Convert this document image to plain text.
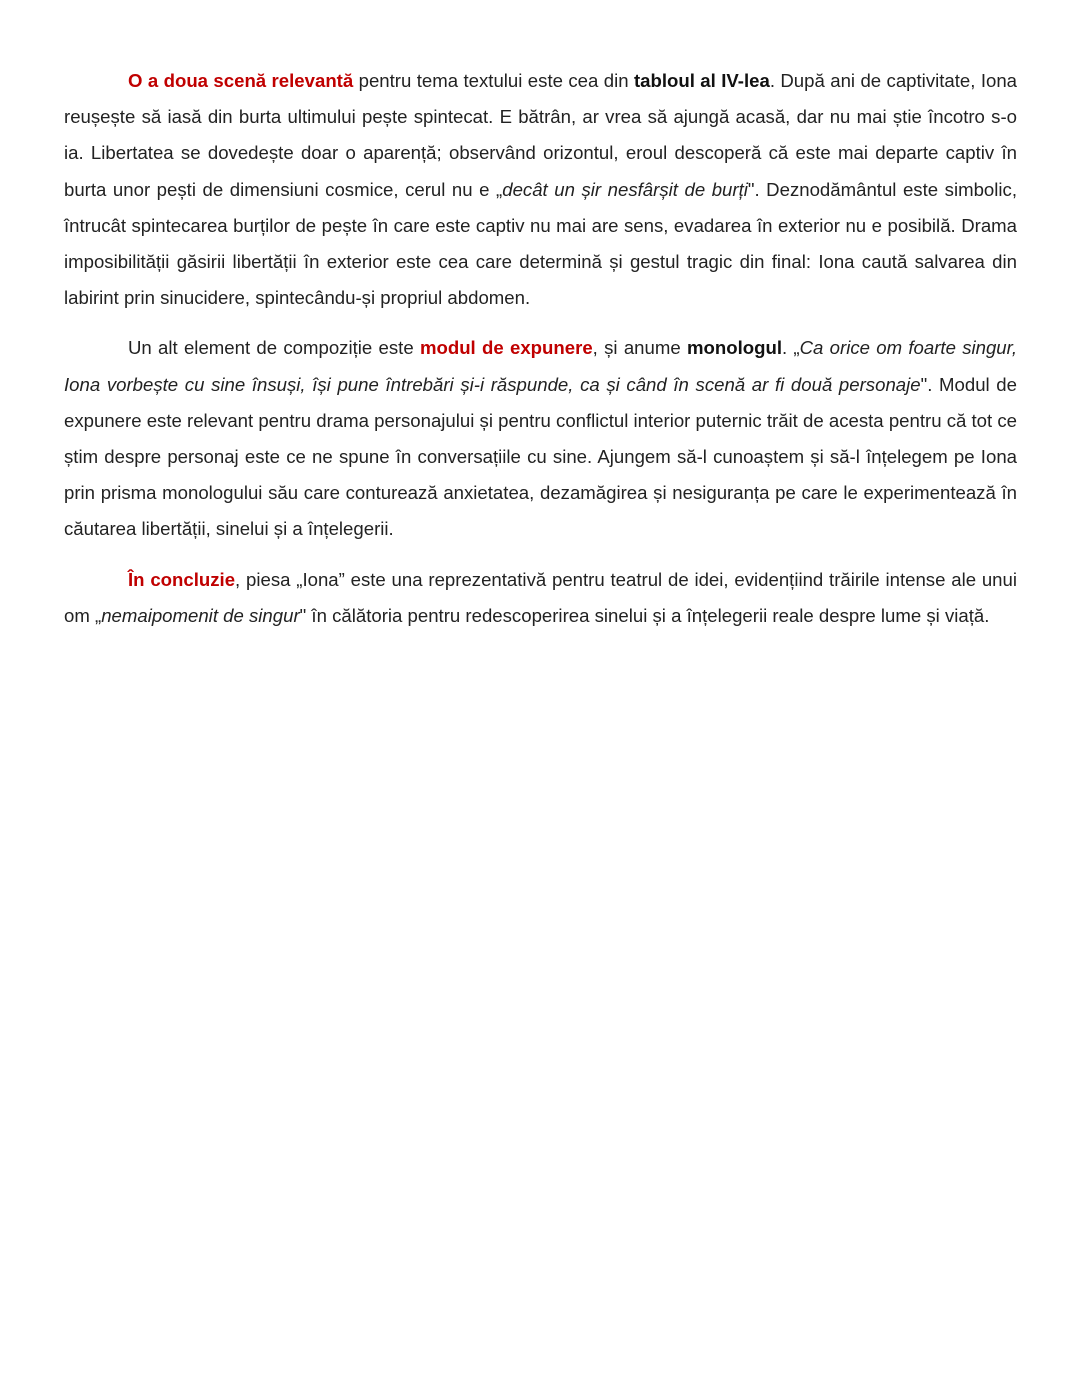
O a doua scenă relevantă pentru tema textului este cea din tabloul al IV-lea. După ani de captivitate, Iona reușește să iasă din burta ultimului pește spintecat. E bătrân, ar vrea să ajungă acasă, dar nu mai știe încotro s-o ia. Libertatea se dovedește doar o aparență; observând orizontul, eroul descoperă că este mai departe captiv în burta unor pești de dimensiuni cosmice, cerul nu e „decât un șir nesfârșit de burți". Deznodământul este simbolic, întrucât spintecarea burților de pește în care este captiv nu mai are sens, evadarea în exterior nu e posibilă. Drama imposibilității găsirii libertății în exterior este cea care determină și gestul tragic din final: Iona caută salvarea din labirint prin sinucidere, spintecându-și propriul abdomen.

Un alt element de compoziție este modul de expunere, și anume monologul. „Ca orice om foarte singur, Iona vorbește cu sine însuși, își pune întrebări și-i răspunde, ca și când în scenă ar fi două personaje". Modul de expunere este relevant pentru drama personajului și pentru conflictul interior puternic trăit de acesta pentru că tot ce știm despre personaj este ce ne spune în conversațiile cu sine. Ajungem să-l cunoaștem și să-l înțelegem pe Iona prin prisma monologului său care conturează anxietatea, dezamăgirea și nesiguranța pe care le experimentează în căutarea libertății, sinelui și a înțelegerii.

În concluzie, piesa „Iona” este una reprezentativă pentru teatrul de idei, evidențiind trăirile intense ale unui om „nemaipomenit de singur" în călătoria pentru redescoperirea sinelui și a înțelegerii reale despre lume și viață.
